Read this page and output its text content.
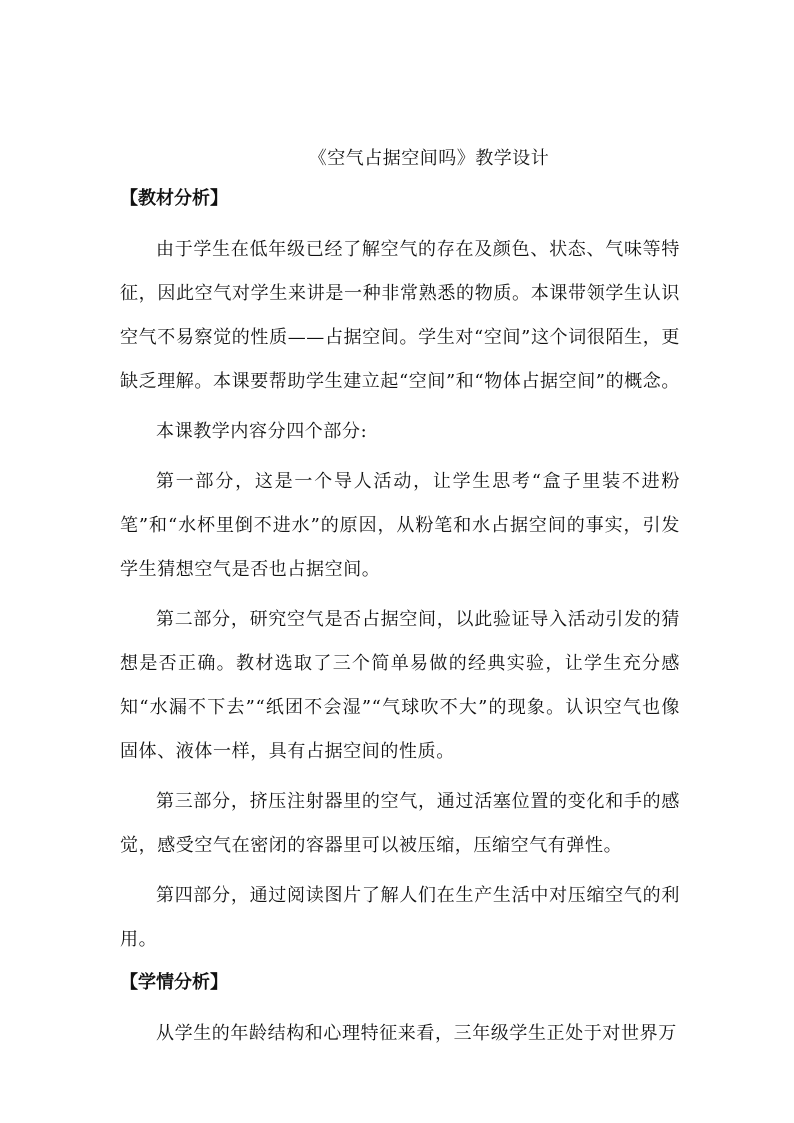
《空气占据空间吗》教学设计
【教材分析】

由于学生在低年级已经了解空气的存在及颜色、状态、气味等特征，因此空气对学生来讲是一种非常熟悉的物质。本课带领学生认识空气不易察觉的性质——占据空间。学生对“空间”这个词很陌生，更缺乏理解。本课要帮助学生建立起“空间”和“物体占据空间”的概念。

本课教学内容分四个部分:

第一部分，这是一个导人活动，让学生思考“盒子里装不进粉笔”和“水杯里倒不进水”的原因，从粉笔和水占据空间的事实，引发学生猜想空气是否也占据空间。

第二部分，研究空气是否占据空间，以此验证导入活动引发的猜想是否正确。教材选取了三个简单易做的经典实验，让学生充分感知“水漏不下去”“纸团不会湿”“气球吹不大”的现象。认识空气也像固体、液体一样，具有占据空间的性质。

第三部分，挤压注射器里的空气，通过活塞位置的变化和手的感觉，感受空气在密闭的容器里可以被压缩，压缩空气有弹性。

第四部分，通过阅读图片了解人们在生产生活中对压缩空气的利用。

【学情分析】

从学生的年龄结构和心理特征来看，三年级学生正处于对世界万
